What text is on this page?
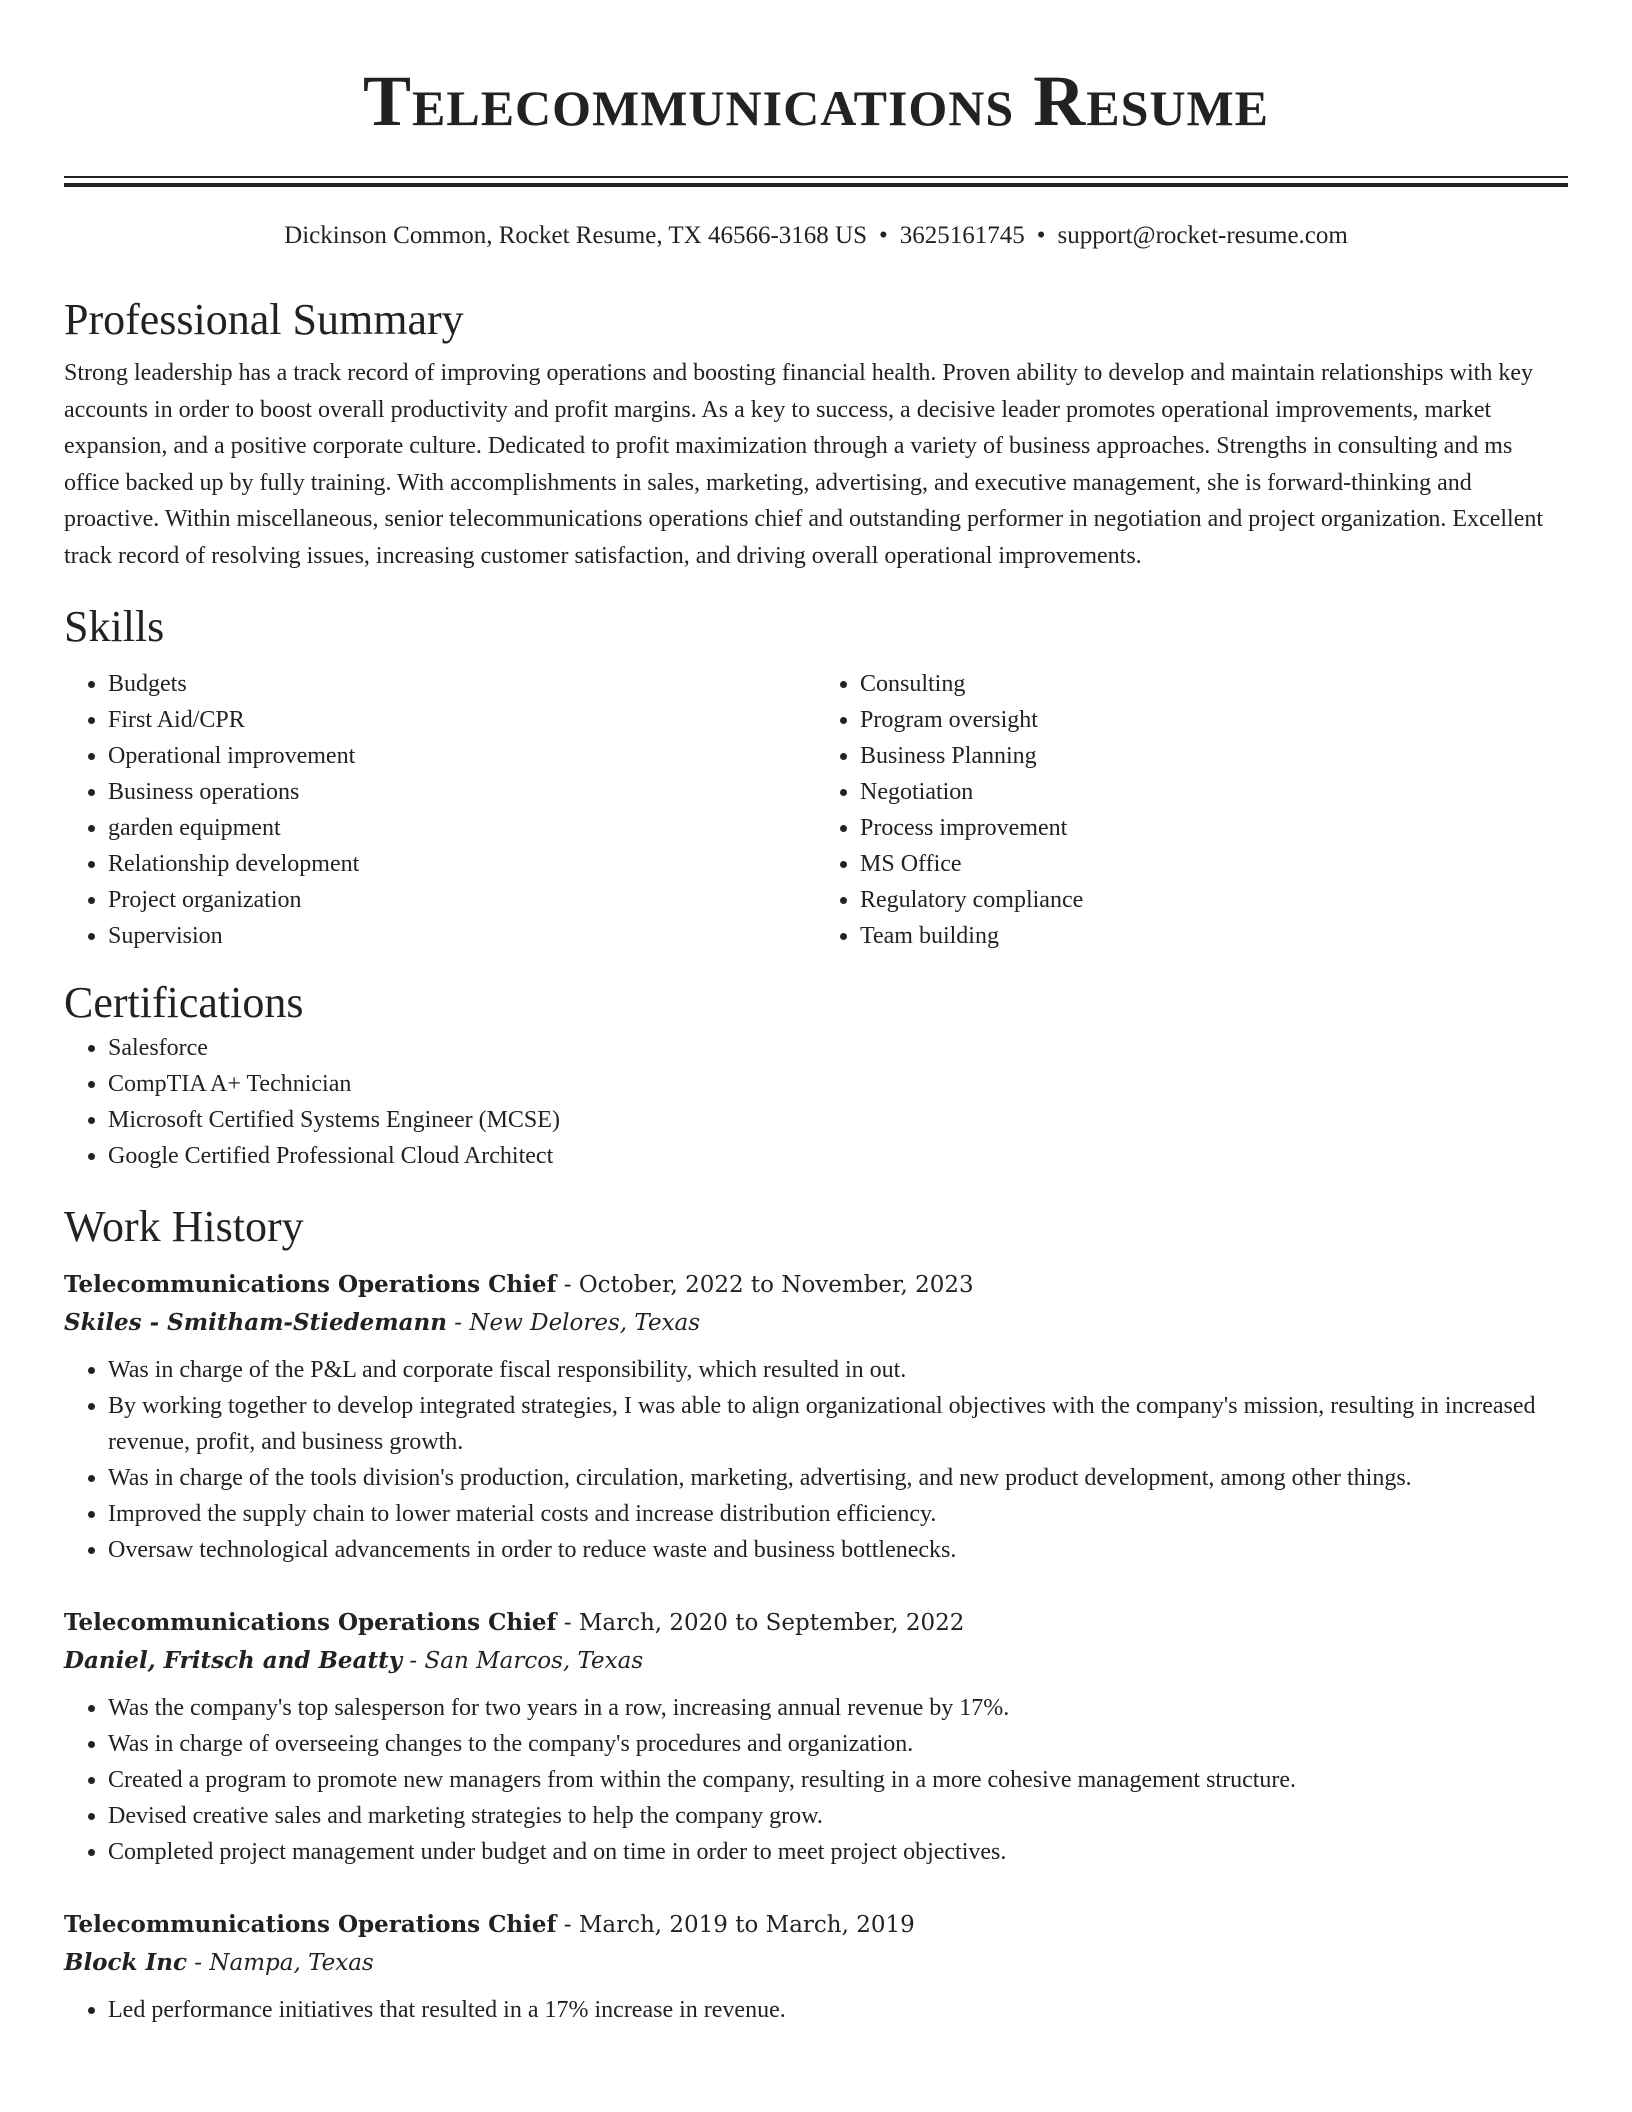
Telecommunications Resume
Dickinson Common, Rocket Resume, TX 46566-3168 US • 3625161745 • support@rocket-resume.com
Professional Summary

Strong leadership has a track record of improving operations and boosting financial health. Proven ability to develop and maintain relationships with key accounts in order to boost overall productivity and profit margins. As a key to success, a decisive leader promotes operational improvements, market expansion, and a positive corporate culture. Dedicated to profit maximization through a variety of business approaches. Strengths in consulting and ms office backed up by fully training. With accomplishments in sales, marketing, advertising, and executive management, she is forward-thinking and proactive. Within miscellaneous, senior telecommunications operations chief and outstanding performer in negotiation and project organization. Excellent track record of resolving issues, increasing customer satisfaction, and driving overall operational improvements.

Skills
• Budgets
• First Aid/CPR
• Operational improvement
• Business operations
• garden equipment
• Relationship development
• Project organization
• Supervision
• Consulting
• Program oversight
• Business Planning
• Negotiation
• Process improvement
• MS Office
• Regulatory compliance
• Team building
Certifications
• Salesforce
• CompTIA A+ Technician
• Microsoft Certified Systems Engineer (MCSE)
• Google Certified Professional Cloud Architect
Work History

Telecommunications Operations Chief - October, 2022 to November, 2023

Skiles - Smitham-Stiedemann - New Delores, Texas

• Was in charge of the P&L and corporate fiscal responsibility, which resulted in out.
• By working together to develop integrated strategies, I was able to align organizational objectives with the company's mission, resulting in increased revenue, profit, and business growth.
• Was in charge of the tools division's production, circulation, marketing, advertising, and new product development, among other things.
• Improved the supply chain to lower material costs and increase distribution efficiency.
• Oversaw technological advancements in order to reduce waste and business bottlenecks.

Telecommunications Operations Chief - March, 2020 to September, 2022

Daniel, Fritsch and Beatty - San Marcos, Texas

• Was the company's top salesperson for two years in a row, increasing annual revenue by 17%.
• Was in charge of overseeing changes to the company's procedures and organization.
• Created a program to promote new managers from within the company, resulting in a more cohesive management structure.
• Devised creative sales and marketing strategies to help the company grow.
• Completed project management under budget and on time in order to meet project objectives.

Telecommunications Operations Chief - March, 2019 to March, 2019

Block Inc - Nampa, Texas

• Led performance initiatives that resulted in a 17% increase in revenue.
